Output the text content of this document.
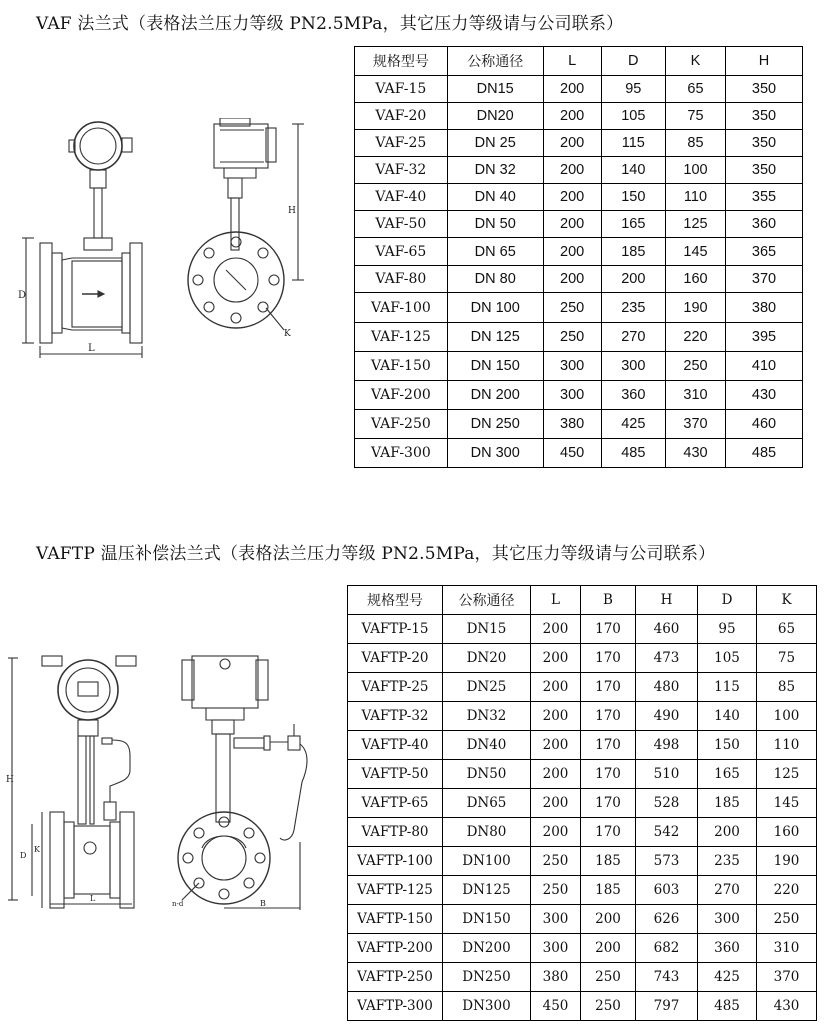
VAF 法兰式（表格法兰压力等级 PN2.5MPa，其它压力等级请与公司联系）
D
L
K
H
规格型号	公称通径	L	D	K	H
VAF-15	DN15	200	95	65	350
VAF-20	DN20	200	105	75	350
VAF-25	DN 25	200	115	85	350
VAF-32	DN 32	200	140	100	350
VAF-40	DN 40	200	150	110	355
VAF-50	DN 50	200	165	125	360
VAF-65	DN 65	200	185	145	365
VAF-80	DN 80	200	200	160	370
VAF-100	DN 100	250	235	190	380
VAF-125	DN 125	250	270	220	395
VAF-150	DN 150	300	300	250	410
VAF-200	DN 200	300	360	310	430
VAF-250	DN 250	380	425	370	460
VAF-300	DN 300	450	485	430	485
VAFTP 温压补偿法兰式（表格法兰压力等级 PN2.5MPa，其它压力等级请与公司联系）
H
D
K
L
n-d	B
规格型号	公称通径	L	B	H	D	K
VAFTP-15	DN15	200	170	460	95	65
VAFTP-20	DN20	200	170	473	105	75
VAFTP-25	DN25	200	170	480	115	85
VAFTP-32	DN32	200	170	490	140	100
VAFTP-40	DN40	200	170	498	150	110
VAFTP-50	DN50	200	170	510	165	125
VAFTP-65	DN65	200	170	528	185	145
VAFTP-80	DN80	200	170	542	200	160
VAFTP-100	DN100	250	185	573	235	190
VAFTP-125	DN125	250	185	603	270	220
VAFTP-150	DN150	300	200	626	300	250
VAFTP-200	DN200	300	200	682	360	310
VAFTP-250	DN250	380	250	743	425	370
VAFTP-300	DN300	450	250	797	485	430
